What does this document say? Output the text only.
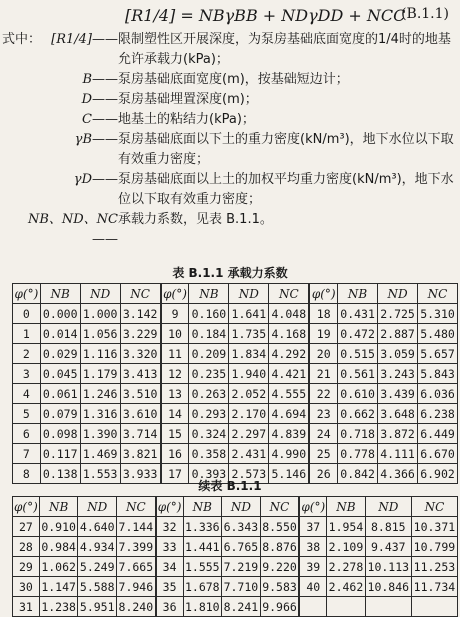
[R1/4] = NBγBB + NDγDD + NCC
(B.1.1)
式中： [R1/4]—— 限制塑性区开展深度，为泵房基础底面宽度的1/4时的地基允许承载力(kPa)；
B—— 泵房基础底面宽度(m)，按基础短边计；
D—— 泵房基础埋置深度(m)；
C—— 地基土的粘结力(kPa)；
γB—— 泵房基础底面以下土的重力密度(kN/m³)，地下水位以下取有效重力密度；
γD—— 泵房基础底面以上土的加权平均重力密度(kN/m³)，地下水位以下取有效重力密度；
NB、ND、NC——
承载力系数，见表 B.1.1。
表 B.1.1 承载力系数
φ(°)	NB	ND	NC	φ(°)	NB	ND	NC	φ(°)	NB	ND	NC
0	0.000	1.000	3.142	9	0.160	1.641	4.048	18	0.431	2.725	5.310
1	0.014	1.056	3.229	10	0.184	1.735	4.168	19	0.472	2.887	5.480
2	0.029	1.116	3.320	11	0.209	1.834	4.292	20	0.515	3.059	5.657
3	0.045	1.179	3.413	12	0.235	1.940	4.421	21	0.561	3.243	5.843
4	0.061	1.246	3.510	13	0.263	2.052	4.555	22	0.610	3.439	6.036
5	0.079	1.316	3.610	14	0.293	2.170	4.694	23	0.662	3.648	6.238
6	0.098	1.390	3.714	15	0.324	2.297	4.839	24	0.718	3.872	6.449
7	0.117	1.469	3.821	16	0.358	2.431	4.990	25	0.778	4.111	6.670
8	0.138	1.553	3.933	17	0.393	2.573	5.146	26	0.842	4.366	6.902
续表 B.1.1
φ(°)	NB	ND	NC	φ(°)	NB	ND	NC	φ(°)	NB	ND	NC
27	0.910	4.640	7.144	32	1.336	6.343	8.550	37	1.954	8.815	10.371
28	0.984	4.934	7.399	33	1.441	6.765	8.876	38	2.109	9.437	10.799
29	1.062	5.249	7.665	34	1.555	7.219	9.220	39	2.278	10.113	11.253
30	1.147	5.588	7.946	35	1.678	7.710	9.583	40	2.462	10.846	11.734
31	1.238	5.951	8.240	36	1.810	8.241	9.966				
